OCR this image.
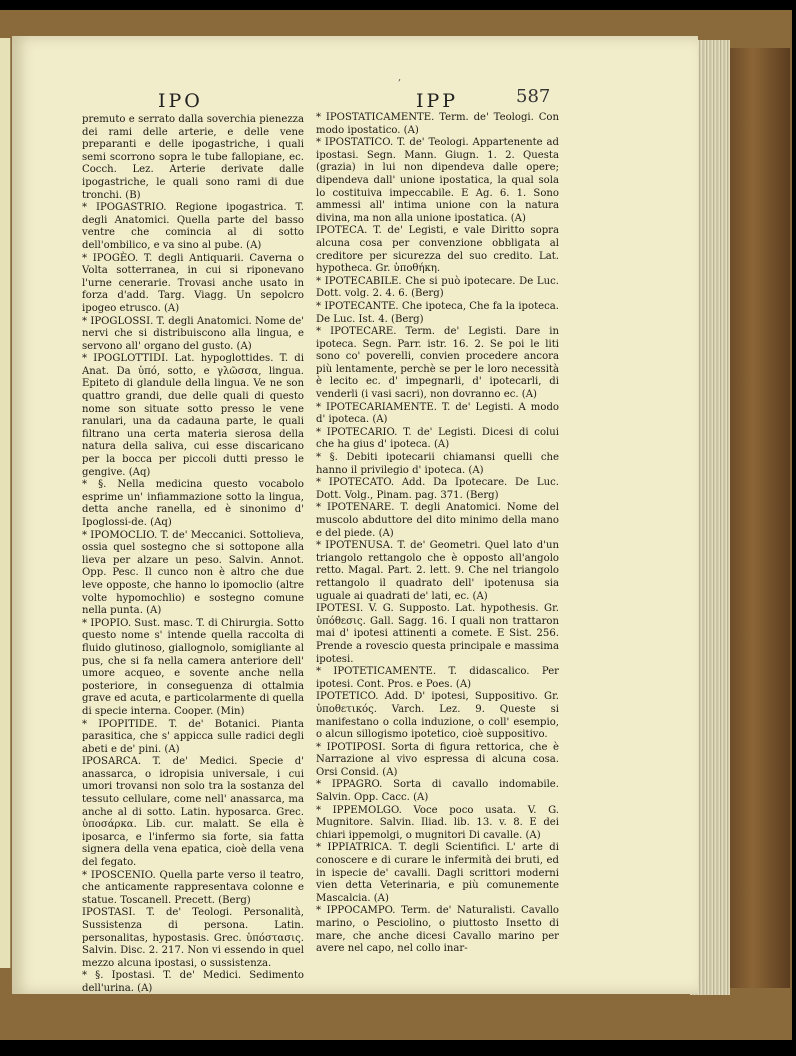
IPO
,
IPP	587

premuto e serrato dalla soverchia pienezza dei rami delle arterie, e delle vene preparanti e delle ipogastriche, i quali semi scorrono sopra le tube fallopiane, ec. Cocch. Lez. Arterie derivate dalle ipogastriche, le quali sono rami di due tronchi. (B)

* IPOGASTRIO. Regione ipogastrica. T. degli Anatomici. Quella parte del basso ventre che comincia al di sotto dell'ombilico, e va sino al pube. (A)

* IPOGÈO. T. degli Antiquarii. Caverna o Volta sotterranea, in cui si riponevano l'urne cenerarie. Trovasi anche usato in forza d'add. Targ. Viagg. Un sepolcro ipogeo etrusco. (A)

* IPOGLOSSI. T. degli Anatomici. Nome de' nervi che si distribuiscono alla lingua, e servono all' organo del gusto. (A)

* IPOGLOTTIDI. Lat. hypoglottides. T. di Anat. Da ὑπό, sotto, e γλῶσσα, lingua. Epiteto di glandule della lingua. Ve ne son quattro grandi, due delle quali di questo nome son situate sotto presso le vene ranulari, una da cadauna parte, le quali filtrano una certa materia sierosa della natura della saliva, cui esse discaricano per la bocca per piccoli dutti presso le gengive. (Aq)

* §. Nella medicina questo vocabolo esprime un' infiammazione sotto la lingua, detta anche ranella, ed è sinonimo d' Ipoglossi-de. (Aq)

* IPOMOCLIO. T. de' Meccanici. Sottolieva, ossia quel sostegno che si sottopone alla lieva per alzare un peso. Salvin. Annot. Opp. Pesc. Il cunco non è altro che due leve opposte, che hanno lo ipomoclio (altre volte hypomochlio) e sostegno comune nella punta. (A)

* IPOPIO. Sust. masc. T. di Chirurgia. Sotto questo nome s' intende quella raccolta di fluido glutinoso, giallognolo, somigliante al pus, che si fa nella camera anteriore dell' umore acqueo, e sovente anche nella posteriore, in conseguenza di ottalmia grave ed acuta, e particolarmente di quella di specie interna. Cooper. (Min)

* IPOPITIDE. T. de' Botanici. Pianta parasitica, che s' appicca sulle radici degli abeti e de' pini. (A)

IPOSARCA. T. de' Medici. Specie d' anassarca, o idropisia universale, i cui umori trovansi non solo tra la sostanza del tessuto cellulare, come nell' anassarca, ma anche al di sotto. Latin. hyposarca. Grec. ὑποσάρκα. Lib. cur. malatt. Se ella è iposarca, e l'infermo sia forte, sia fatta signera della vena epatica, cioè della vena del fegato.

* IPOSCENIO. Quella parte verso il teatro, che anticamente rappresentava colonne e statue. Toscanell. Precett. (Berg)

IPOSTASI. T. de' Teologi. Personalità, Sussistenza di persona. Latin. personalitas, hypostasis. Grec. ὑπόστασις. Salvin. Disc. 2. 217. Non vi essendo in quel mezzo alcuna ipostasi, o sussistenza.

* §. Ipostasi. T. de' Medici. Sedimento dell'urina. (A)

* IPOSTATICAMENTE. Term. de' Teologi. Con modo ipostatico. (A)

* IPOSTATICO. T. de' Teologi. Appartenente ad ipostasi. Segn. Mann. Giugn. 1. 2. Questa (grazia) in lui non dipendeva dalle opere; dipendeva dall' unione ipostatica, la qual sola lo costituiva impeccabile. E Ag. 6. 1. Sono ammessi all' intima unione con la natura divina, ma non alla unione ipostatica. (A)

IPOTECA. T. de' Legisti, e vale Diritto sopra alcuna cosa per convenzione obbligata al creditore per sicurezza del suo credito. Lat. hypotheca. Gr. ὑποθήκη.

* IPOTECABILE. Che si può ipotecare. De Luc. Dott. volg. 2. 4. 6. (Berg)

* IPOTECANTE. Che ipoteca, Che fa la ipoteca. De Luc. Ist. 4. (Berg)

* IPOTECARE. Term. de' Legisti. Dare in ipoteca. Segn. Parr. istr. 16. 2. Se poi le liti sono co' poverelli, convien procedere ancora più lentamente, perchè se per le loro necessità è lecito ec. d' impegnarli, d' ipotecarli, di venderli (i vasi sacri), non dovranno ec. (A)

* IPOTECARIAMENTE. T. de' Legisti. A modo d' ipoteca. (A)

* IPOTECARIO. T. de' Legisti. Dicesi di colui che ha gius d' ipoteca. (A)

* §. Debiti ipotecarii chiamansi quelli che hanno il privilegio d' ipoteca. (A)

* IPOTECATO. Add. Da Ipotecare. De Luc. Dott. Volg., Pinam. pag. 371. (Berg)

* IPOTENARE. T. degli Anatomici. Nome del muscolo abduttore del dito minimo della mano e del piede. (A)

* IPOTENUSA. T. de' Geometri. Quel lato d'un triangolo rettangolo che è opposto all'angolo retto. Magal. Part. 2. lett. 9. Che nel triangolo rettangolo il quadrato dell' ipotenusa sia uguale ai quadrati de' lati, ec. (A)

IPOTESI. V. G. Supposto. Lat. hypothesis. Gr. ὑπόθεσις. Gall. Sagg. 16. I quali non trattaron mai d' ipotesi attinenti a comete. E Sist. 256. Prende a rovescio questa principale e massima ipotesi.

* IPOTETICAMENTE. T. didascalico. Per ipotesi. Cont. Pros. e Poes. (A)

IPOTETICO. Add. D' ipotesi, Suppositivo. Gr. ὑποθετικός. Varch. Lez. 9. Queste si manifestano o colla induzione, o coll' esempio, o alcun sillogismo ipotetico, cioè suppositivo.

* IPOTIPOSI. Sorta di figura rettorica, che è Narrazione al vivo espressa di alcuna cosa. Orsi Consid. (A)

* IPPAGRO. Sorta di cavallo indomabile. Salvin. Opp. Cacc. (A)

* IPPEMOLGO. Voce poco usata. V. G. Mugnitore. Salvin. Iliad. lib. 13. v. 8. E dei chiari ippemolgi, o mugnitori Di cavalle. (A)

* IPPIATRICA. T. degli Scientifici. L' arte di conoscere e di curare le infermità dei bruti, ed in ispecie de' cavalli. Dagli scrittori moderni vien detta Veterinaria, e più comunemente Mascalcia. (A)

* IPPOCAMPO. Term. de' Naturalisti. Cavallo marino, o Pesciolino, o piuttosto Insetto di mare, che anche dicesi Cavallo marino per avere nel capo, nel collo inar-
